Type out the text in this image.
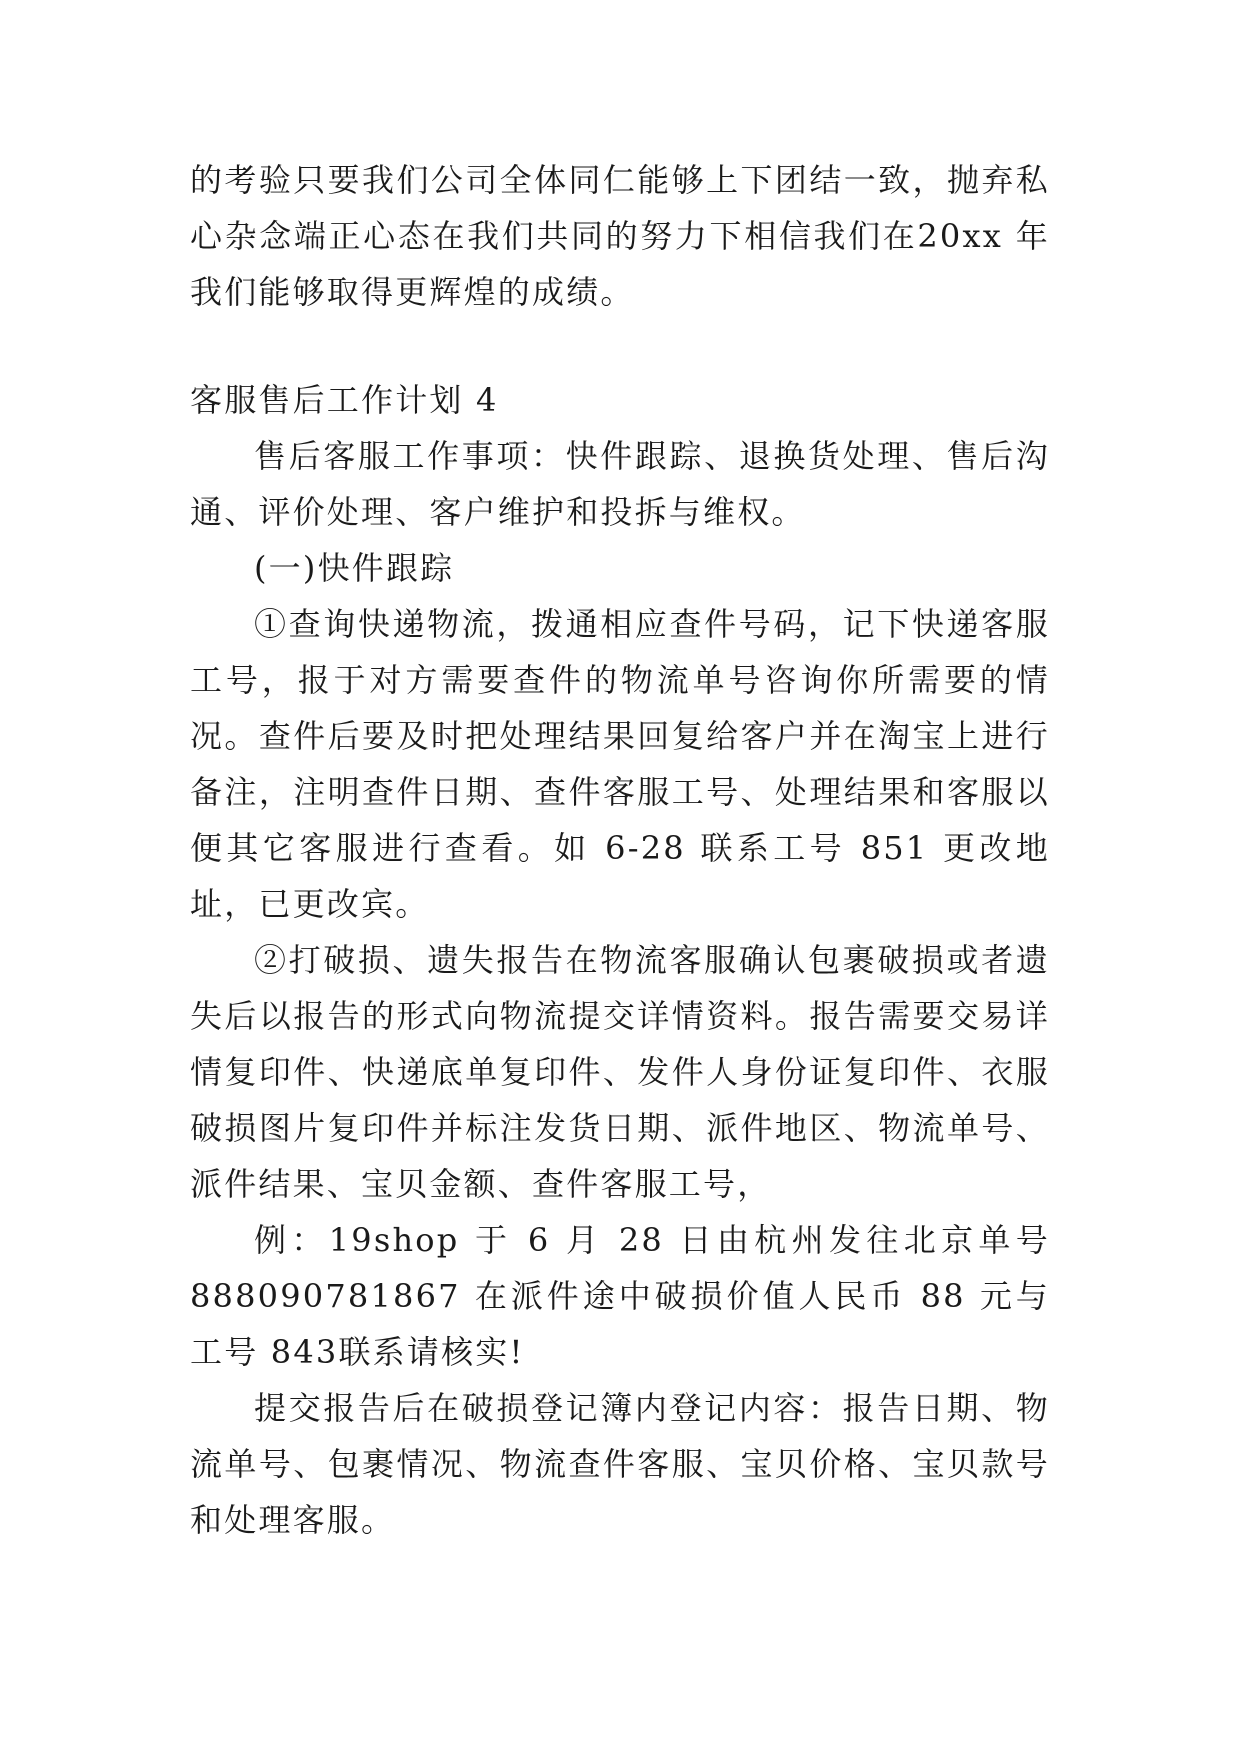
的考验只要我们公司全体同仁能够上下团结一致，抛弃私心杂念端正心态在我们共同的努力下相信我们在20xx 年我们能够取得更辉煌的成绩。

客服售后工作计划 4

售后客服工作事项：快件跟踪、退换货处理、售后沟通、评价处理、客户维护和投拆与维权。

(一)快件跟踪

①查询快递物流，拨通相应查件号码，记下快递客服工号，报于对方需要查件的物流单号咨询你所需要的情况。查件后要及时把处理结果回复给客户并在淘宝上进行备注，注明查件日期、查件客服工号、处理结果和客服以便其它客服进行查看。如 6-28 联系工号 851 更改地址，已更改宾。

②打破损、遗失报告在物流客服确认包裹破损或者遗失后以报告的形式向物流提交详情资料。报告需要交易详情复印件、快递底单复印件、发件人身份证复印件、衣服破损图片复印件并标注发货日期、派件地区、物流单号、派件结果、宝贝金额、查件客服工号，

例：19shop 于 6 月 28 日由杭州发往北京单号888090781867 在派件途中破损价值人民币 88 元与工号 843联系请核实!

提交报告后在破损登记簿内登记内容：报告日期、物流单号、包裹情况、物流查件客服、宝贝价格、宝贝款号和处理客服。
